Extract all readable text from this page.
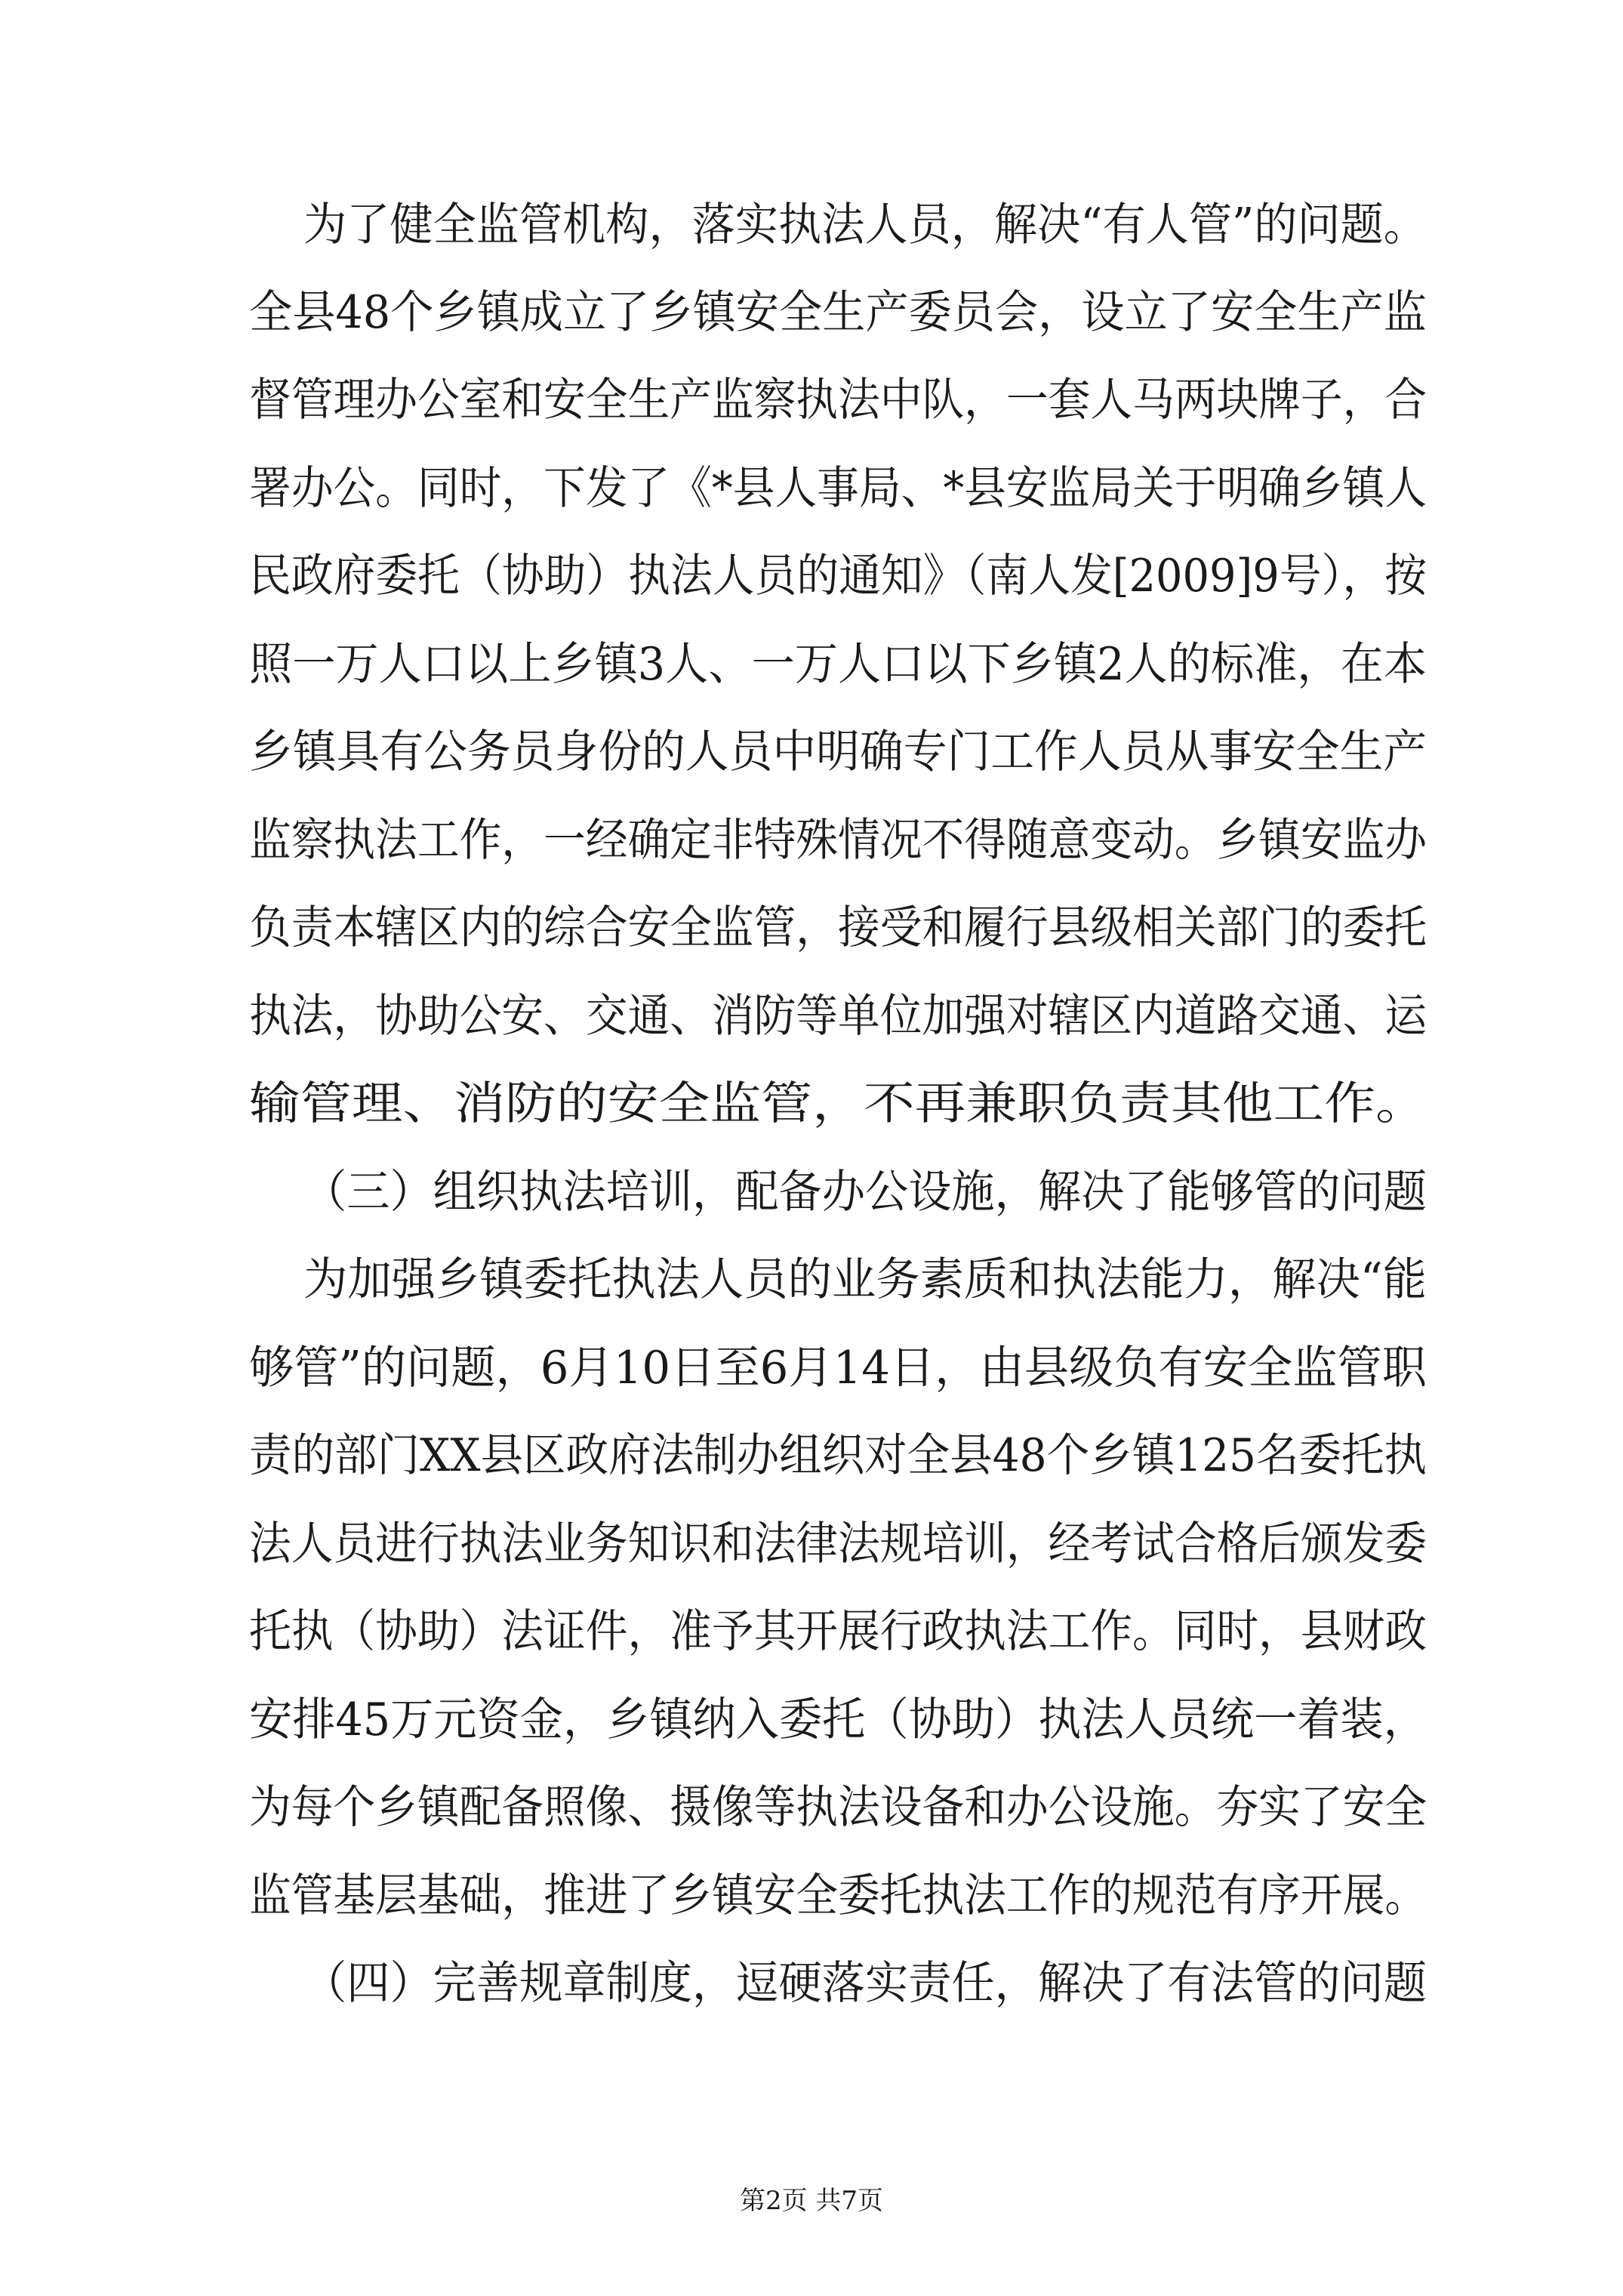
为了健全监管机构，落实执法人员，解决“有人管”的问题。
全县48个乡镇成立了乡镇安全生产委员会，设立了安全生产监
督管理办公室和安全生产监察执法中队，一套人马两块牌子，合
署办公。同时，下发了《*县人事局、*县安监局关于明确乡镇人
民政府委托（协助）执法人员的通知》（南人发[2009]9号），按
照一万人口以上乡镇3人、一万人口以下乡镇2人的标准，在本
乡镇具有公务员身份的人员中明确专门工作人员从事安全生产
监察执法工作，一经确定非特殊情况不得随意变动。乡镇安监办
负责本辖区内的综合安全监管，接受和履行县级相关部门的委托
执法，协助公安、交通、消防等单位加强对辖区内道路交通、运
输管理、消防的安全监管，不再兼职负责其他工作。
（三）组织执法培训，配备办公设施，解决了能够管的问题
为加强乡镇委托执法人员的业务素质和执法能力，解决“能
够管”的问题，6月10日至6月14日，由县级负有安全监管职
责的部门XX县区政府法制办组织对全县48个乡镇125名委托执
法人员进行执法业务知识和法律法规培训，经考试合格后颁发委
托执（协助）法证件，准予其开展行政执法工作。同时，县财政
安排45万元资金，乡镇纳入委托（协助）执法人员统一着装，
为每个乡镇配备照像、摄像等执法设备和办公设施。夯实了安全
监管基层基础，推进了乡镇安全委托执法工作的规范有序开展。
（四）完善规章制度，逗硬落实责任，解决了有法管的问题
第2页 共7页
